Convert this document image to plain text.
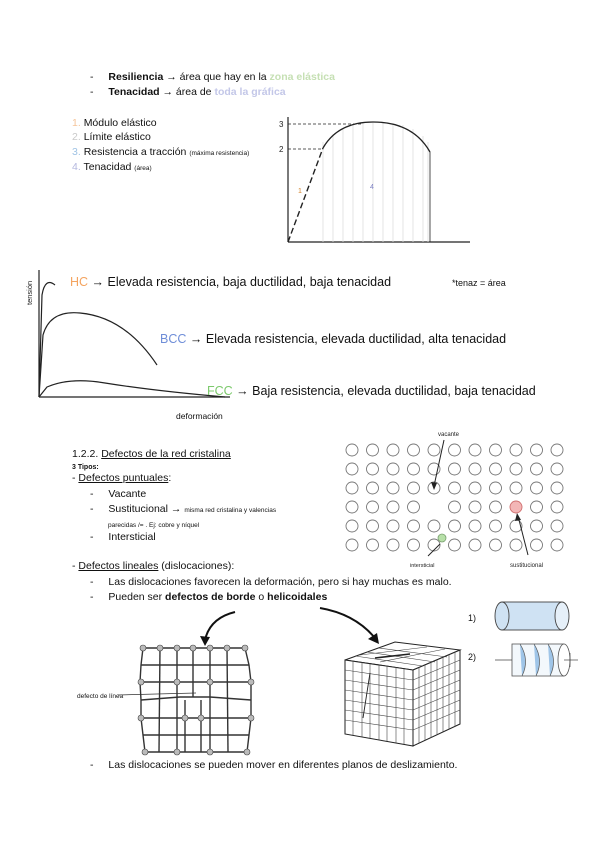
- Resiliencia → área que hay en la zona elástica
- Tenacidad → área de toda la gráfica
1. Módulo elástico
2. Límite elástico
3. Resistencia a tracción (máxima resistencia)
4. Tenacidad (área)
3
2
1
4
tensión
deformación
HC → Elevada resistencia, baja ductilidad, baja tenacidad	*tenaz = área
BCC → Elevada resistencia, elevada ductilidad, alta tenacidad
FCC → Baja resistencia, elevada ductilidad, baja tenacidad
1.2.2. Defectos de la red cristalina
3 Tipos:
- Defectos puntuales:
- Vacante
- Sustitucional → misma red cristalina y valencias
parecidas /= . Ej: cobre y níquel
- Intersticial
vacante
intersticial	sustitucional
- Defectos lineales (dislocaciones):
- Las dislocaciones favorecen la deformación, pero si hay muchas es malo.
- Pueden ser defectos de borde o helicoidales
defecto de línea
1)
2)
- Las dislocaciones se pueden mover en diferentes planos de deslizamiento.
